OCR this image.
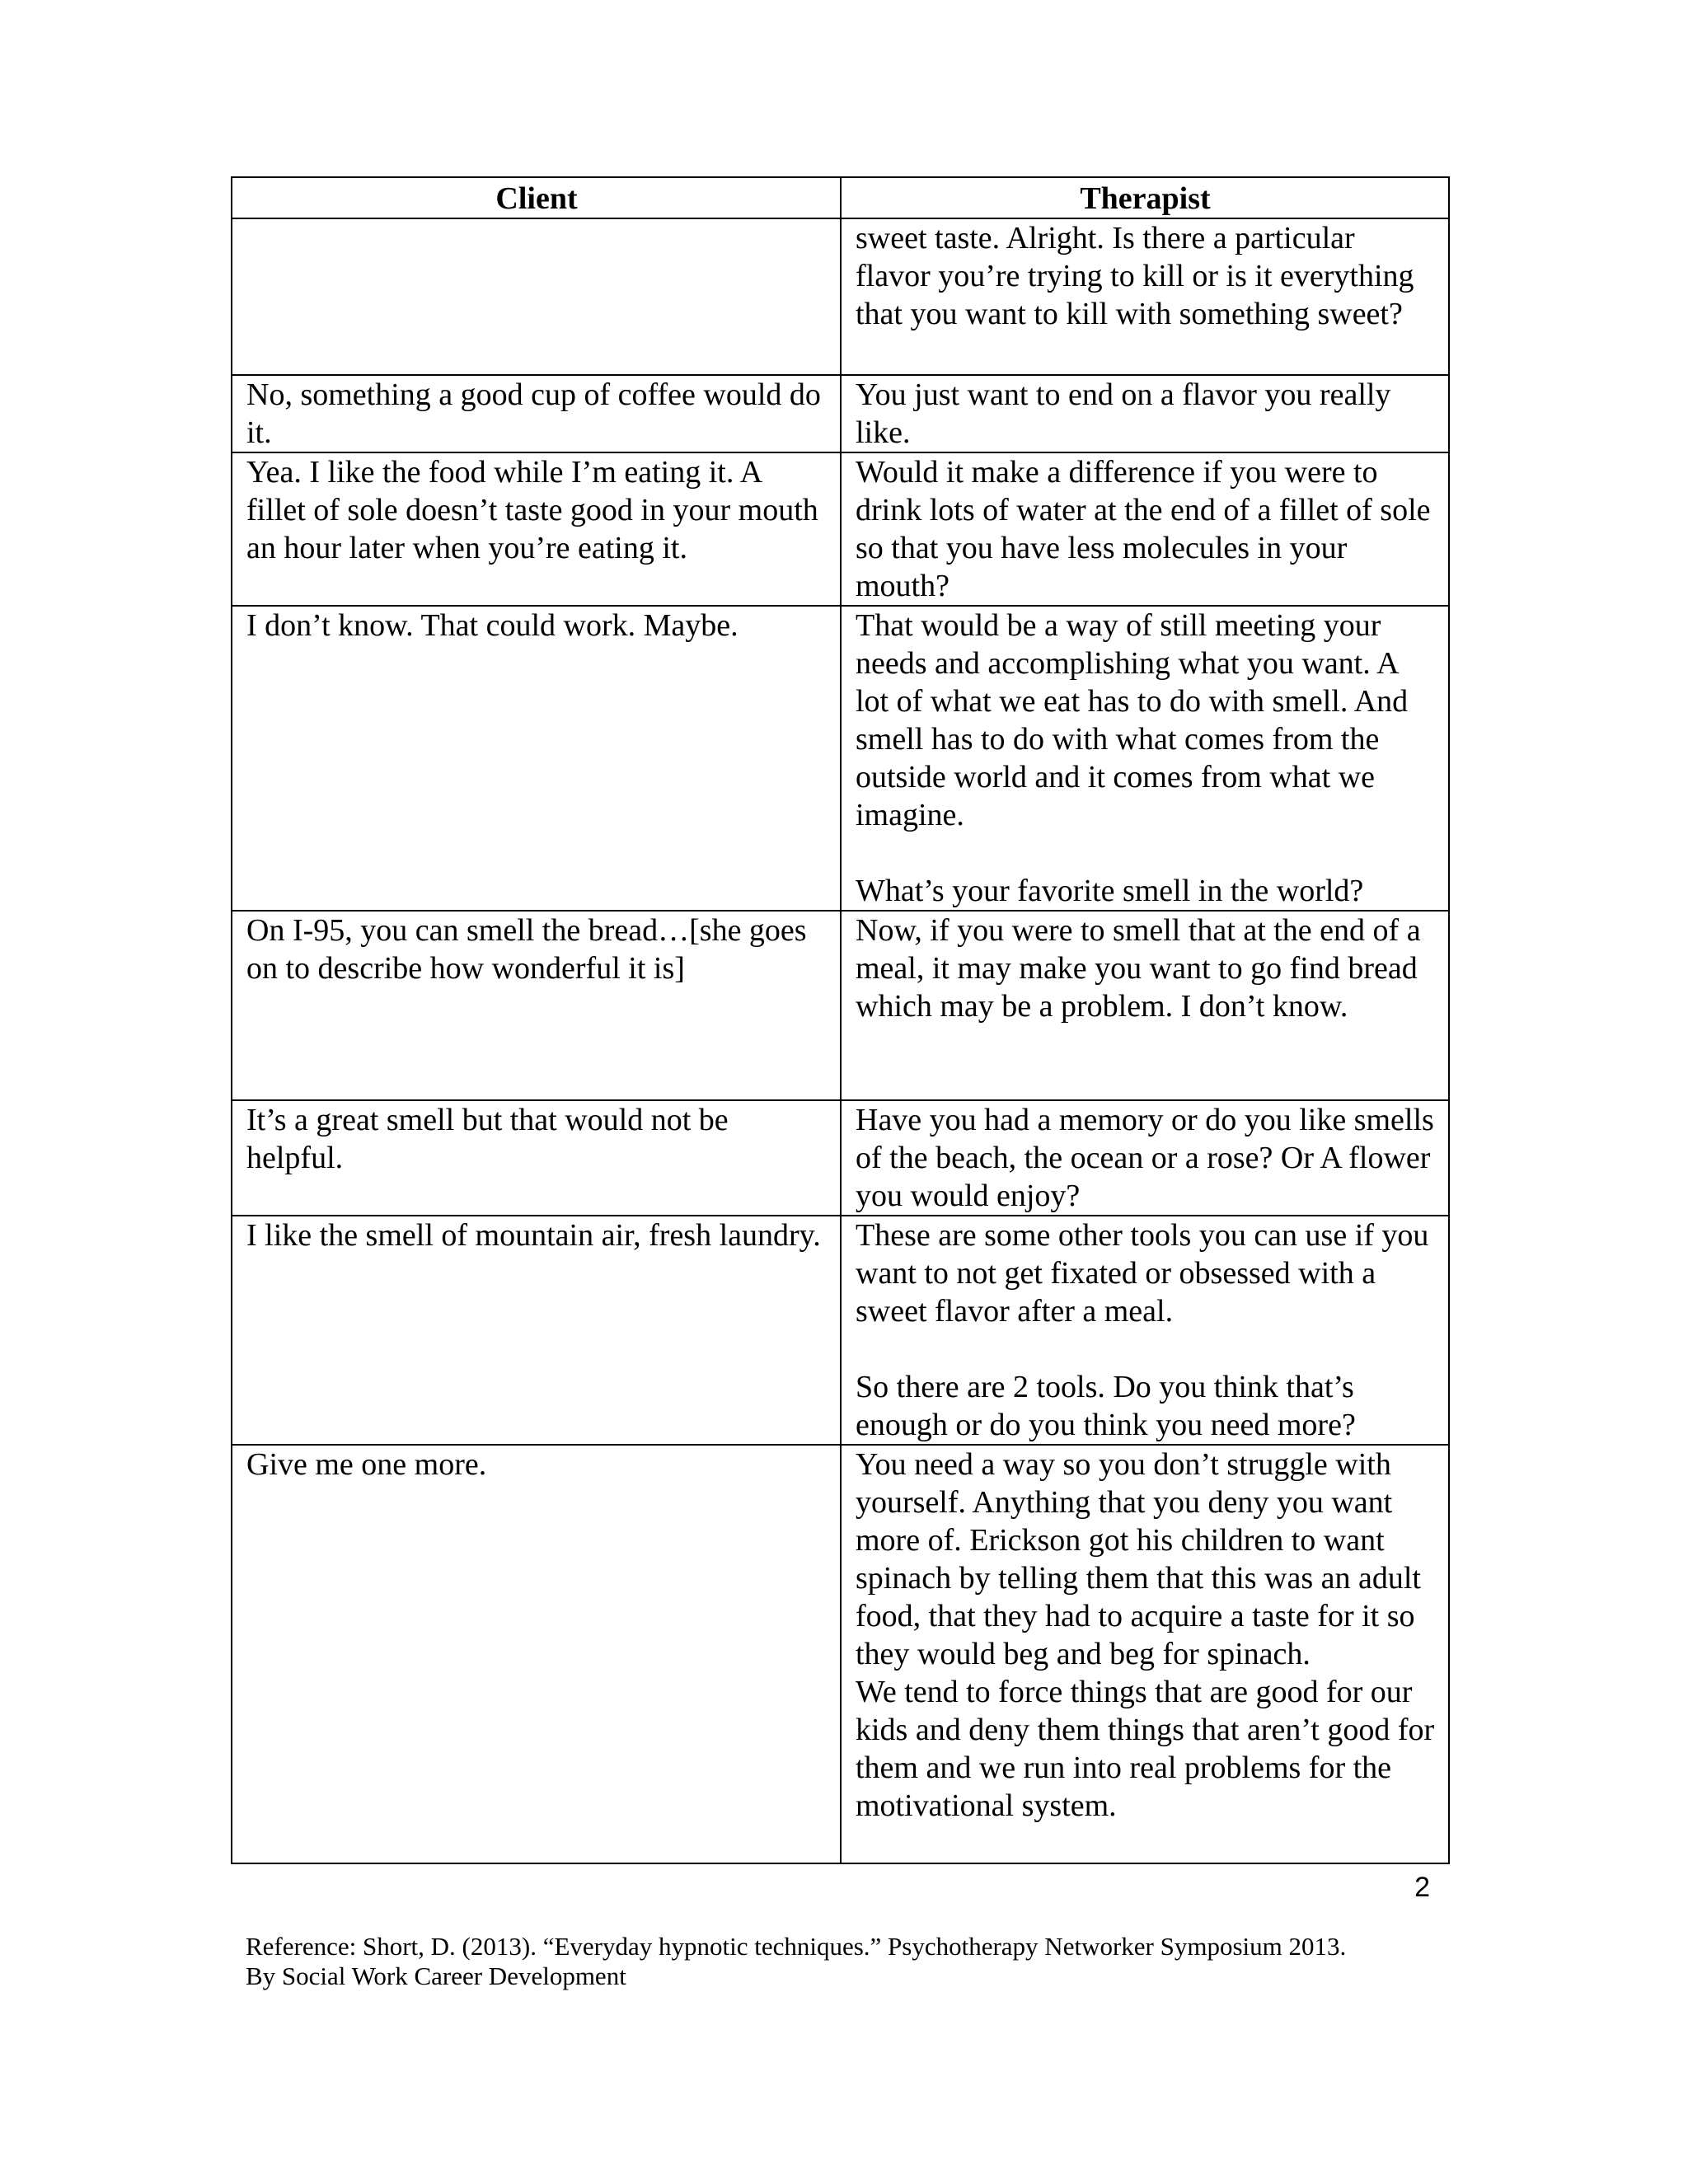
Client	Therapist

	sweet taste. Alright. Is there a particular flavor you’re trying to kill or is it everything that you want to kill with something sweet?

No, something a good cup of coffee would do it.	You just want to end on a flavor you really like.

Yea. I like the food while I’m eating it. A fillet of sole doesn’t taste good in your mouth an hour later when you’re eating it.	Would it make a difference if you were to drink lots of water at the end of a fillet of sole so that you have less molecules in your mouth?

I don’t know. That could work. Maybe.	That would be a way of still meeting your needs and accomplishing what you want. A lot of what we eat has to do with smell. And smell has to do with what comes from the outside world and it comes from what we imagine.
What’s your favorite smell in the world?

On I-95, you can smell the bread…[she goes on to describe how wonderful it is]	Now, if you were to smell that at the end of a meal, it may make you want to go find bread which may be a problem. I don’t know.

It’s a great smell but that would not be helpful.	Have you had a memory or do you like smells of the beach, the ocean or a rose? Or A flower you would enjoy?

I like the smell of mountain air, fresh laundry.	These are some other tools you can use if you want to not get fixated or obsessed with a sweet flavor after a meal.
So there are 2 tools. Do you think that’s enough or do you think you need more?

Give me one more.	You need a way so you don’t struggle with yourself. Anything that you deny you want more of. Erickson got his children to want spinach by telling them that this was an adult food, that they had to acquire a taste for it so they would beg and beg for spinach.
We tend to force things that are good for our kids and deny them things that aren’t good for them and we run into real problems for the motivational system.
2
Reference: Short, D. (2013). “Everyday hypnotic techniques.” Psychotherapy Networker Symposium 2013.
By Social Work Career Development
